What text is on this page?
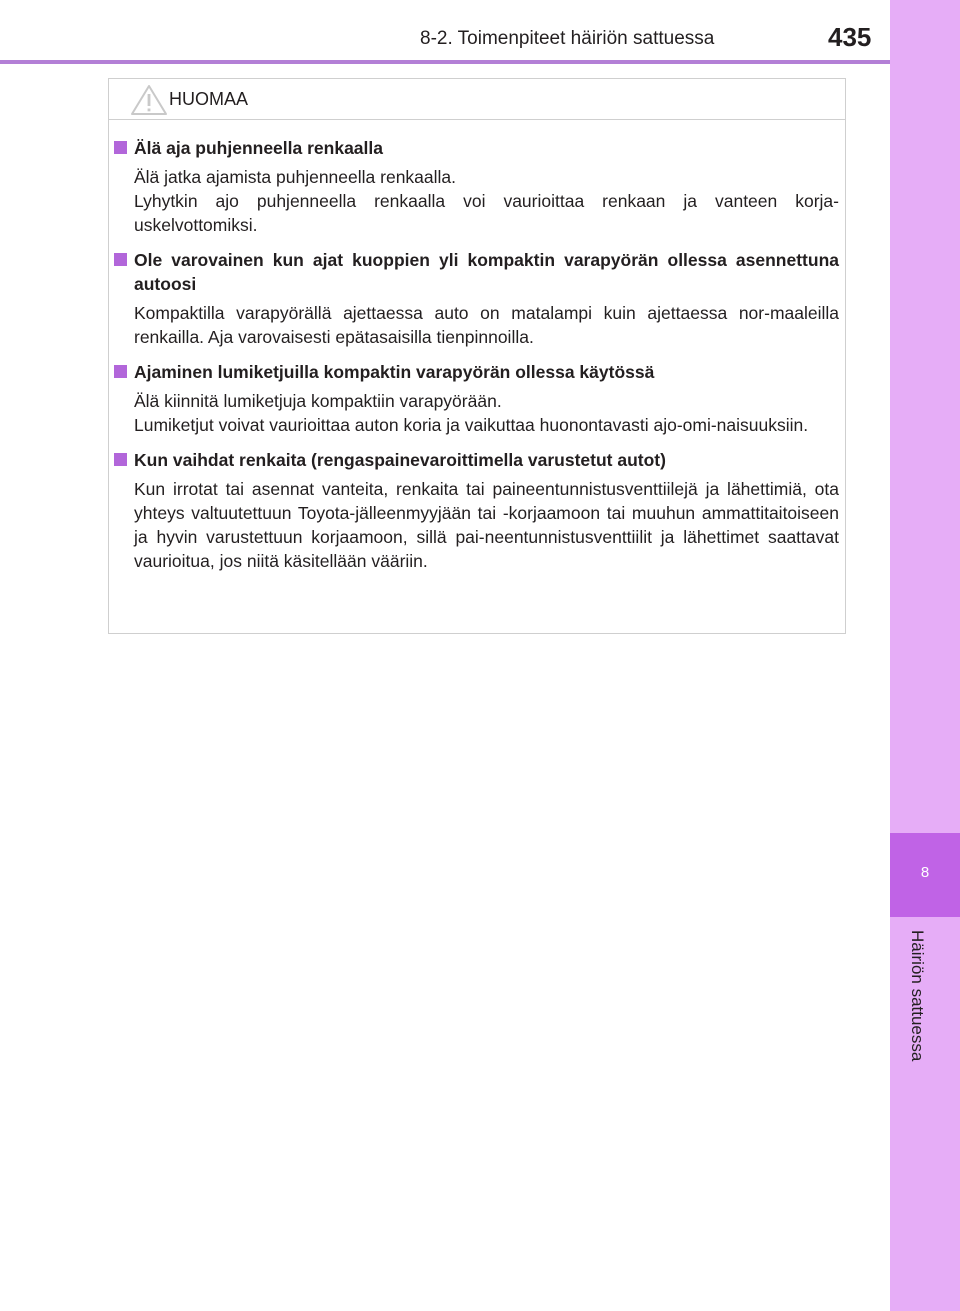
8
Häiriön sattuessa
8-2. Toimenpiteet häiriön sattuessa	435
HUOMAA
Älä aja puhjenneella renkaalla
Älä jatka ajamista puhjenneella renkaalla.
Lyhytkin ajo puhjenneella renkaalla voi vaurioittaa renkaan ja vanteen korja-uskelvottomiksi.
Ole varovainen kun ajat kuoppien yli kompaktin varapyörän ollessa asennettuna autoosi
Kompaktilla varapyörällä ajettaessa auto on matalampi kuin ajettaessa nor-maaleilla renkailla. Aja varovaisesti epätasaisilla tienpinnoilla.
Ajaminen lumiketjuilla kompaktin varapyörän ollessa käytössä
Älä kiinnitä lumiketjuja kompaktiin varapyörään.
Lumiketjut voivat vaurioittaa auton koria ja vaikuttaa huonontavasti ajo-omi-naisuuksiin.
Kun vaihdat renkaita (rengaspainevaroittimella varustetut autot)
Kun irrotat tai asennat vanteita, renkaita tai paineentunnistusventtiilejä ja lähettimiä, ota yhteys valtuutettuun Toyota-jälleenmyyjään tai -korjaamoon tai muuhun ammattitaitoiseen ja hyvin varustettuun korjaamoon, sillä pai-neentunnistusventtiilit ja lähettimet saattavat vaurioitua, jos niitä käsitellään vääriin.
